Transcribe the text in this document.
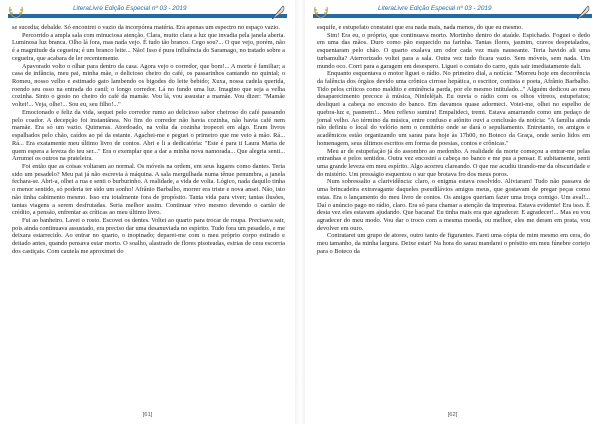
LiteraLivre Edição Especial nº 03 - 2019

se sucedia; debalde. Só encontrei o vazio da incorpórea matéria. Era apenas um espectro no espaço vazio.

Percorrido a ampla sala com minuciosa atenção. Clara, muito clara a luz que invadia pela janela aberta. Luminosa luz branca. Olho lá fora, mas nada vejo. É tudo tão branco. Cego sou?... O que vejo, porém, não é a magnitude da cegueira; é um branco leite... Não! Isso é pura influência do Saramago, no tratado sobre a cegueira, que acabara de ler recentemente.

Apavorado volto o olhar para dentro da casa. Agora vejo o corredor, que bom!... A morte é familiar; a casa de infância, meu pai, minha mãe, o delicioso cheiro do café, os passarinhos cantando no quintal; o Romeu, nosso velho e estimado gato lambendo os bigodes do leite bebido; Xuxa, nossa cadela querida, roendo seu osso na entrada do canil; o longo corredor. Lá no fundo uma luz. Imagino que seja a velha cozinha. Sinto o gosto no cheiro do café da mamãe. Vou lá, vou assustar a mamãe. Vou dizer: "Mamãe voltei!... Veja, olhe!... Sou eu, seu filho!..."

Emocionado e feliz da vida, sequei pelo corredor rumo ao delicioso sabor cheiroso do café passando pelo coador. A decepção foi instantânea. No fim do corredor não havia cozinha, não havia café nem mamãe. Era só um vazio. Quimeras. Atordoado, na volta da cozinha tropecei em algo. Eram livros espalhados pelo chão, caídos ao pé da estante. Agachei-me e peguei o primeiro que me veio à mão. Rá... Rá... Era exatamente meu último livro de contos. Abri e li a dedicatória: "Este é para ti Laura Maria de quem espera a leveza do teu ser..." Era o exemplar que a dar a minha nova namorada... Que alegria senti... Arrumei os outros na prateleira.

Foi então que as coisas voltaram ao normal. Os móveis na ordem, em seus lugares como dantes. Teria sido um pesadelo? Meu pai já não escrevia à máquina. A sala mergulhada numa tênue penumbra, a janela fechara-se. Abri-a, olhei a rua e senti o burburinho. A realidade, a vida de volta. Lógico, nada daquilo tinha o menor sentido, só poderia ter sido um sonho! Afrânio Barbalho, morrer era triste e nova ansei. Não, isto não tinha cabimento mesmo. Isso era totalmente fora de propósito. Tanta vida para viver; tantas ilusões, tantas viagens a serem desfrutadas. Seria melhor assim. Continuar vivo mesmo devendo o cartão de crédito, a pensão, enfrentar as críticas ao meu último livro.

Fui ao banheiro. Lavei o rosto. Escovei os dentes. Voltei ao quarto para trocar de roupa. Precisava sair, pois ainda continuava assustado, era preciso dar uma desanuviada no espírito. Tudo fora um pesadelo, e me deixara estarrecido. Ao entrar no quarto, o inopinado; deparei-me com o meu próprio corpo estirado e deitado antes, quando pensava estar morto. O soalho, alastrado de flores pisoteadas, estrias de cera escorria dos castiçais. Com cautela me aproximei do

[61]
LiteraLivre Edição Especial nº 03 - 2019

esquife, e estupefato constatei que era nada mais, nada menos, do que eu mesmo.

Sim! Era eu, o próprio, que continuava morto. Mortinho dentro do ataúde. Espichado. Foguei o dedo em uma das mãos. Duro como pão esquecido na farinha. Tantas flores, jasmim, cravos despetalados, esquentaram pelo chão. O quarto exalava um odor cada vez mais nauseante. Teria havido ali uma turbamulta? Aterrorizado voltei para a sala. Outra vez tudo ficara vazio. Sem móveis, sem nada. Um mundo oco. Corri para a garagem em desespero. Liguei o contato do carro, quis sair imediatamente dali.

Enquanto esquentava o motor liguei o rádio. No primeiro dial, a notícia: "Morreu hoje em decorrência da falência dos órgãos devido uma crônica cirrose hepática, o escritor, contista e poeta, Afrânio Barbalho. Tido pelos críticos como maldito e eminência parda, por ele mesmo intitulado..." Alguém dedicou ao meu desaparecimento precoce à música, Ninfeléjah. Eu ouvia o rádio com os olhos vítreos, estupefatos; desliquei a cabeça no encosto do banco. Em davamos quase adormeci. Votei-me, olhei no espelho de quebra-luz e, pasmem!... Meu reflexo sumira! Empalideci, tremi. Estava amarrando como um pedaço de jornal velho. Ao término da música, entre confuso e atônito ouvi a conclusão da notícia: "A família ainda não definiu o local do velório nem o cemitério onde se dará o sepultamento. Entretanto, os amigos e acadêmicos estão organizando um sarau para hoje às 17h00, no Boteco da Graça, onde serão lidos em homenagem, seus últimos escritos em forma de poesias, contos e crônicas."

Meu ar de estupefação já do assombro ao medonho. A realidade da morte começou a entrar-me pelas entranhas e pelos sentidos. Outra vez encostei a cabeça no banco e me pus a pensar. E subitamente, senti uma grande leveza em meu espírito. Algo acorreu clareando. O que me acudiu tirando-me da obscuridade e do mistério. Um presságio esquentou o sur que brotava fro dos meus poros.

Num sobressalto a clarividência: claro, o enigma estava resolvido. Aliviaram! Tudo não passava de uma brincadeira extravagante daqueles pseudilávios amigos meus, que gostavam de pregar peças como estas. Era o lançamento do meu livro de contos. Os amigos queriam fazer uma troça comigo. Um aval!... Daí o anúncio pago no rádio, claro. Era só para chamar a atenção da imprensa. Estava evidente! Era isso. É desta vez eles estavam ajudando. Que bacana! Eu tinha mais era que agradecer. E agradecer!... Mas eu vou agradecer do meu modo. Vou dar o troco com a mesma moeda, ou melhor, eles me deram em prata, vou devolver em ouro.

Contratarei um grupo de atores, outro tanto de figurantes. Farei uma cópia de mim mesmo em cera, do meu tamanho, da minha largura. Deixe estar! Na hora do sarau mandarei o préstito em meu fúnebre cortejo para o Boteco da

[62]
